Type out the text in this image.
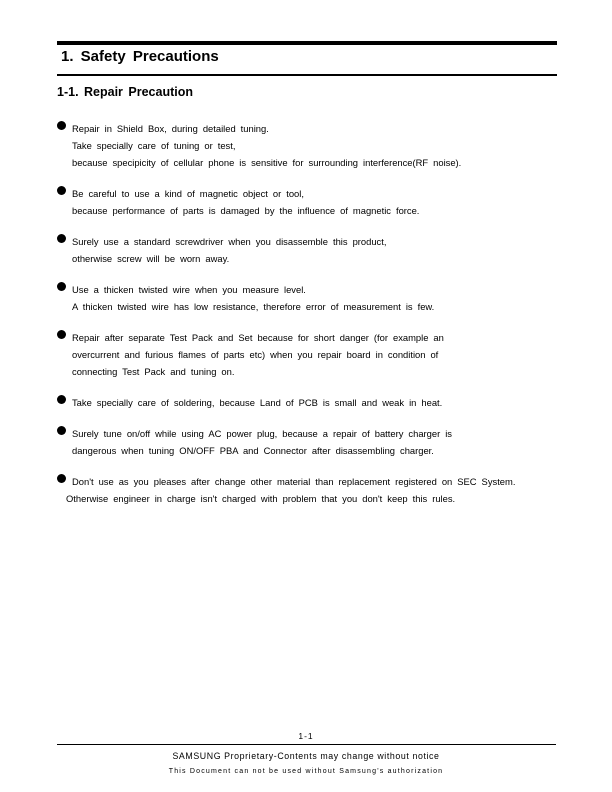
1. Safety Precautions
1-1. Repair Precaution
Repair in Shield Box, during detailed tuning.
Take specially care of tuning or test,
because specipicity of cellular phone is sensitive for surrounding interference(RF noise).
Be careful to use a kind of magnetic object or tool,
because performance of parts is damaged by the influence of magnetic force.
Surely use a standard screwdriver when you disassemble this product,
otherwise screw will be worn away.
Use a thicken twisted wire when you measure level.
A thicken twisted wire has low resistance, therefore error of measurement is few.
Repair after separate Test Pack and Set because for short danger (for example an
overcurrent and furious flames of parts etc) when you repair board in condition of
connecting Test Pack and tuning on.
Take specially care of soldering, because Land of PCB is small and weak in heat.
Surely tune on/off while using AC power plug, because a repair of battery charger is
dangerous when tuning ON/OFF PBA and Connector after disassembling charger.
Don't use as you pleases after change other material than replacement registered on SEC System.
Otherwise engineer in charge isn't charged with problem that you don't keep this rules.
1-1
SAMSUNG Proprietary-Contents may change without notice
This Document can not be used without Samsung's authorization
